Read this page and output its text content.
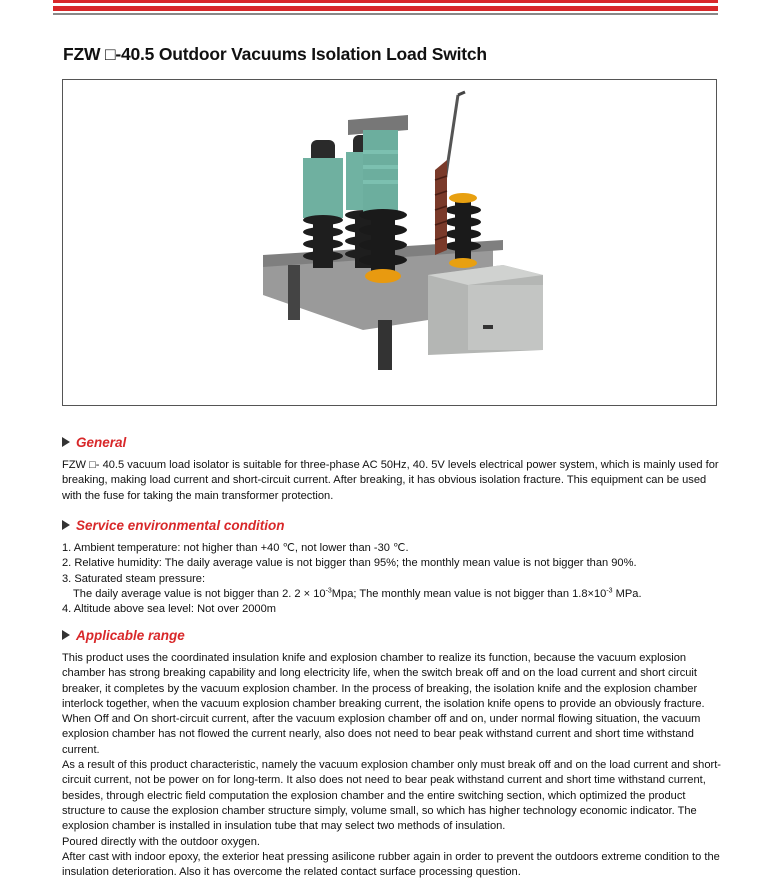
FZW □-40.5 Outdoor Vacuums Isolation Load Switch
General

FZW □- 40.5 vacuum load isolator is suitable for three-phase AC 50Hz, 40. 5V levels electrical power system, which is mainly used for breaking, making load current and short-circuit current. After breaking, it has obvious isolation fracture. This equipment can be used with the fuse for taking the main transformer protection.

Service environmental condition

1. Ambient temperature: not higher than +40 ℃, not lower than -30 ℃.

2. Relative humidity: The daily average value is not bigger than 95%; the monthly mean value is not bigger than 90%.

3. Saturated steam pressure:

The daily average value is not bigger than 2. $2 \times 10^{-3}Mpa$; The monthly mean value is not bigger than $1.8\times 10^{-3}$ MPa.

4. Altitude above sea level: Not over 2000m

Applicable range

This product uses the coordinated insulation knife and explosion chamber to realize its function, because the vacuum explosion chamber has strong breaking capability and long electricity life, when the switch break off and on the load current and short circuit breaker, it completes by the vacuum explosion chamber. In the process of breaking, the isolation knife and the explosion chamber interlock together, when the vacuum explosion chamber breaking current, the isolation knife opens to provide an obviously fracture. When Off and On short-circuit current, after the vacuum explosion chamber off and on, under normal flowing situation, the vacuum explosion chamber has not flowed the current nearly, also does not need to bear peak withstand current and short time withstand current.

As a result of this product characteristic, namely the vacuum explosion chamber only must break off and on the load current and short-circuit current, not be power on for long-term. It also does not need to bear peak withstand current and short time withstand current, besides, through electric field computation the explosion chamber and the entire switching section, which optimized the product structure to cause the explosion chamber structure simply, volume small, so which has higher technology economic indicator. The explosion chamber is installed in insulation tube that may select two methods of insulation.

Poured directly with the outdoor oxygen.

After cast with indoor epoxy, the exterior heat pressing asilicone rubber again in order to prevent the outdoors extreme condition to the insulation deterioration. Also it has overcome the related contact surface processing question.
